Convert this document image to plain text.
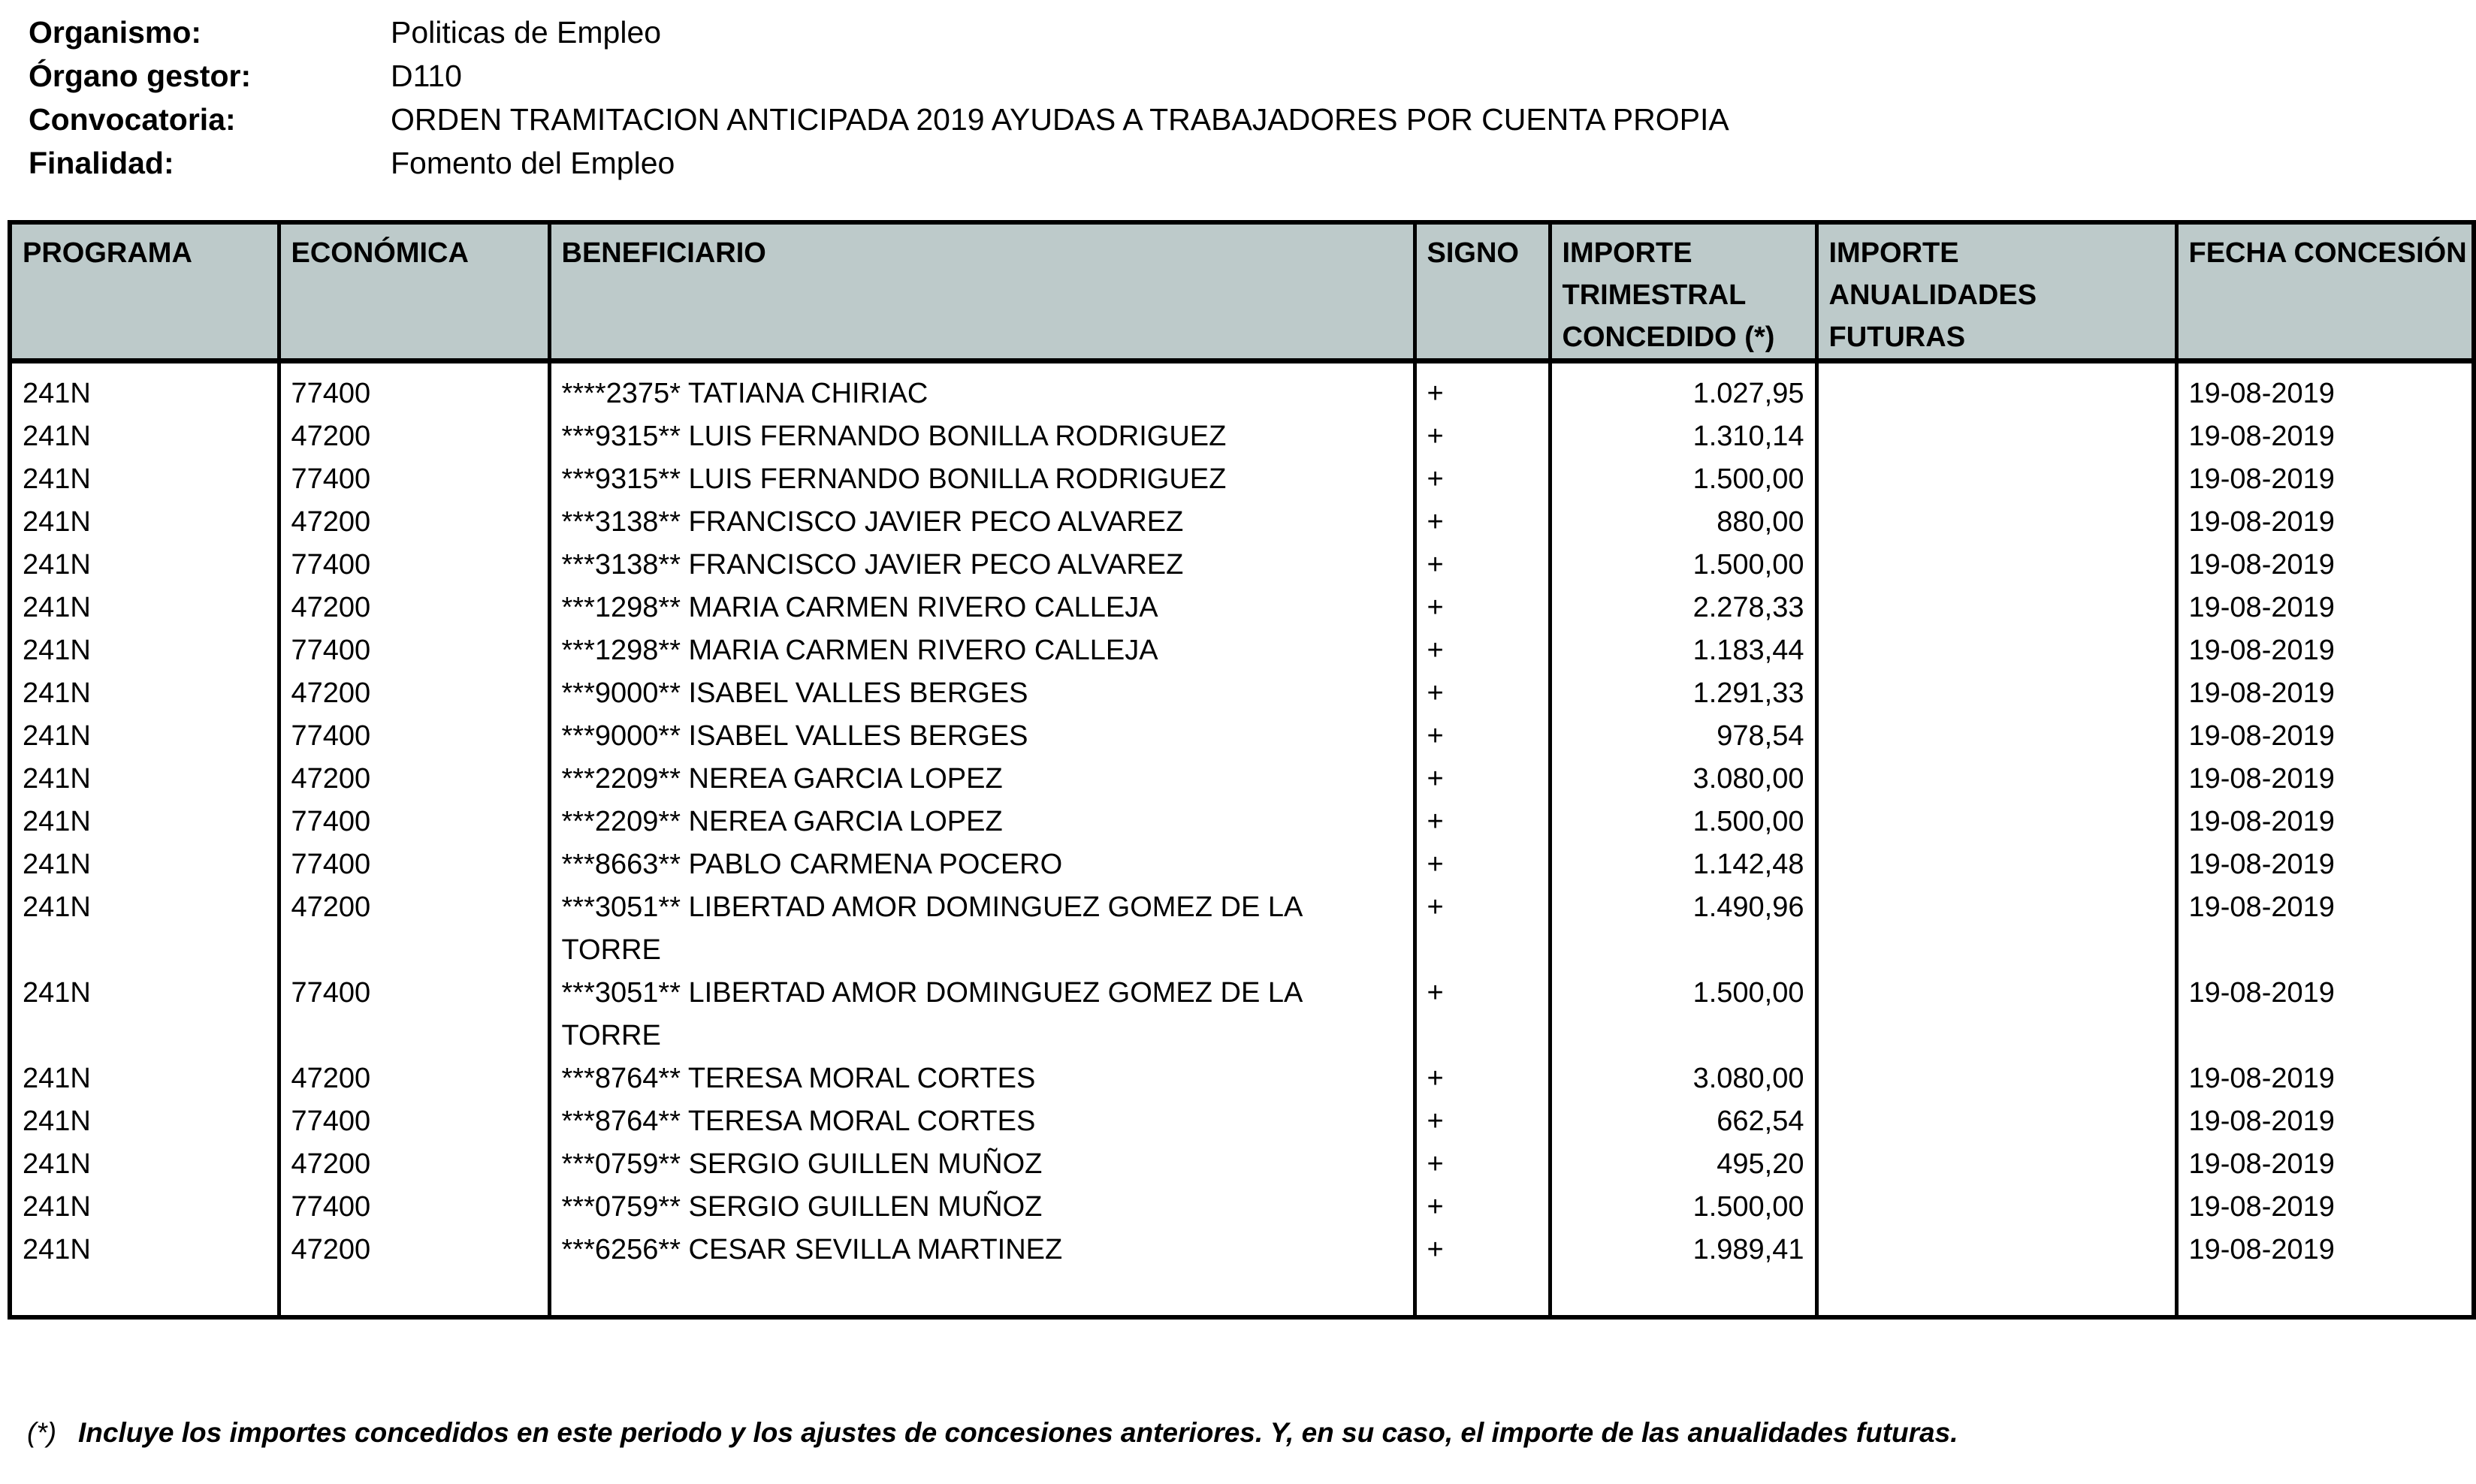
Organismo:	Politicas de Empleo
Órgano gestor:	D110
Convocatoria:	ORDEN TRAMITACION ANTICIPADA 2019 AYUDAS A TRABAJADORES POR CUENTA PROPIA
Finalidad:	Fomento del Empleo
PROGRAMA	ECONÓMICA	BENEFICIARIO	SIGNO	IMPORTE TRIMESTRAL CONCEDIDO (*)	IMPORTE ANUALIDADES FUTURAS	FECHA CONCESIÓN
241N	77400	****2375* TATIANA CHIRIAC	+	1.027,95		19-08-2019
241N	47200	***9315** LUIS FERNANDO BONILLA RODRIGUEZ	+	1.310,14		19-08-2019
241N	77400	***9315** LUIS FERNANDO BONILLA RODRIGUEZ	+	1.500,00		19-08-2019
241N	47200	***3138** FRANCISCO JAVIER PECO ALVAREZ	+	880,00		19-08-2019
241N	77400	***3138** FRANCISCO JAVIER PECO ALVAREZ	+	1.500,00		19-08-2019
241N	47200	***1298** MARIA CARMEN RIVERO CALLEJA	+	2.278,33		19-08-2019
241N	77400	***1298** MARIA CARMEN RIVERO CALLEJA	+	1.183,44		19-08-2019
241N	47200	***9000** ISABEL VALLES BERGES	+	1.291,33		19-08-2019
241N	77400	***9000** ISABEL VALLES BERGES	+	978,54		19-08-2019
241N	47200	***2209** NEREA GARCIA LOPEZ	+	3.080,00		19-08-2019
241N	77400	***2209** NEREA GARCIA LOPEZ	+	1.500,00		19-08-2019
241N	77400	***8663** PABLO CARMENA POCERO	+	1.142,48		19-08-2019
241N	47200	***3051** LIBERTAD AMOR DOMINGUEZ GOMEZ DE LA TORRE	+	1.490,96		19-08-2019
241N	77400	***3051** LIBERTAD AMOR DOMINGUEZ GOMEZ DE LA TORRE	+	1.500,00		19-08-2019
241N	47200	***8764** TERESA MORAL CORTES	+	3.080,00		19-08-2019
241N	77400	***8764** TERESA MORAL CORTES	+	662,54		19-08-2019
241N	47200	***0759** SERGIO GUILLEN MUÑOZ	+	495,20		19-08-2019
241N	77400	***0759** SERGIO GUILLEN MUÑOZ	+	1.500,00		19-08-2019
241N	47200	***6256** CESAR SEVILLA MARTINEZ	+	1.989,41		19-08-2019

(*) Incluye los importes concedidos en este periodo y los ajustes de concesiones anteriores. Y, en su caso, el importe de las anualidades futuras.
